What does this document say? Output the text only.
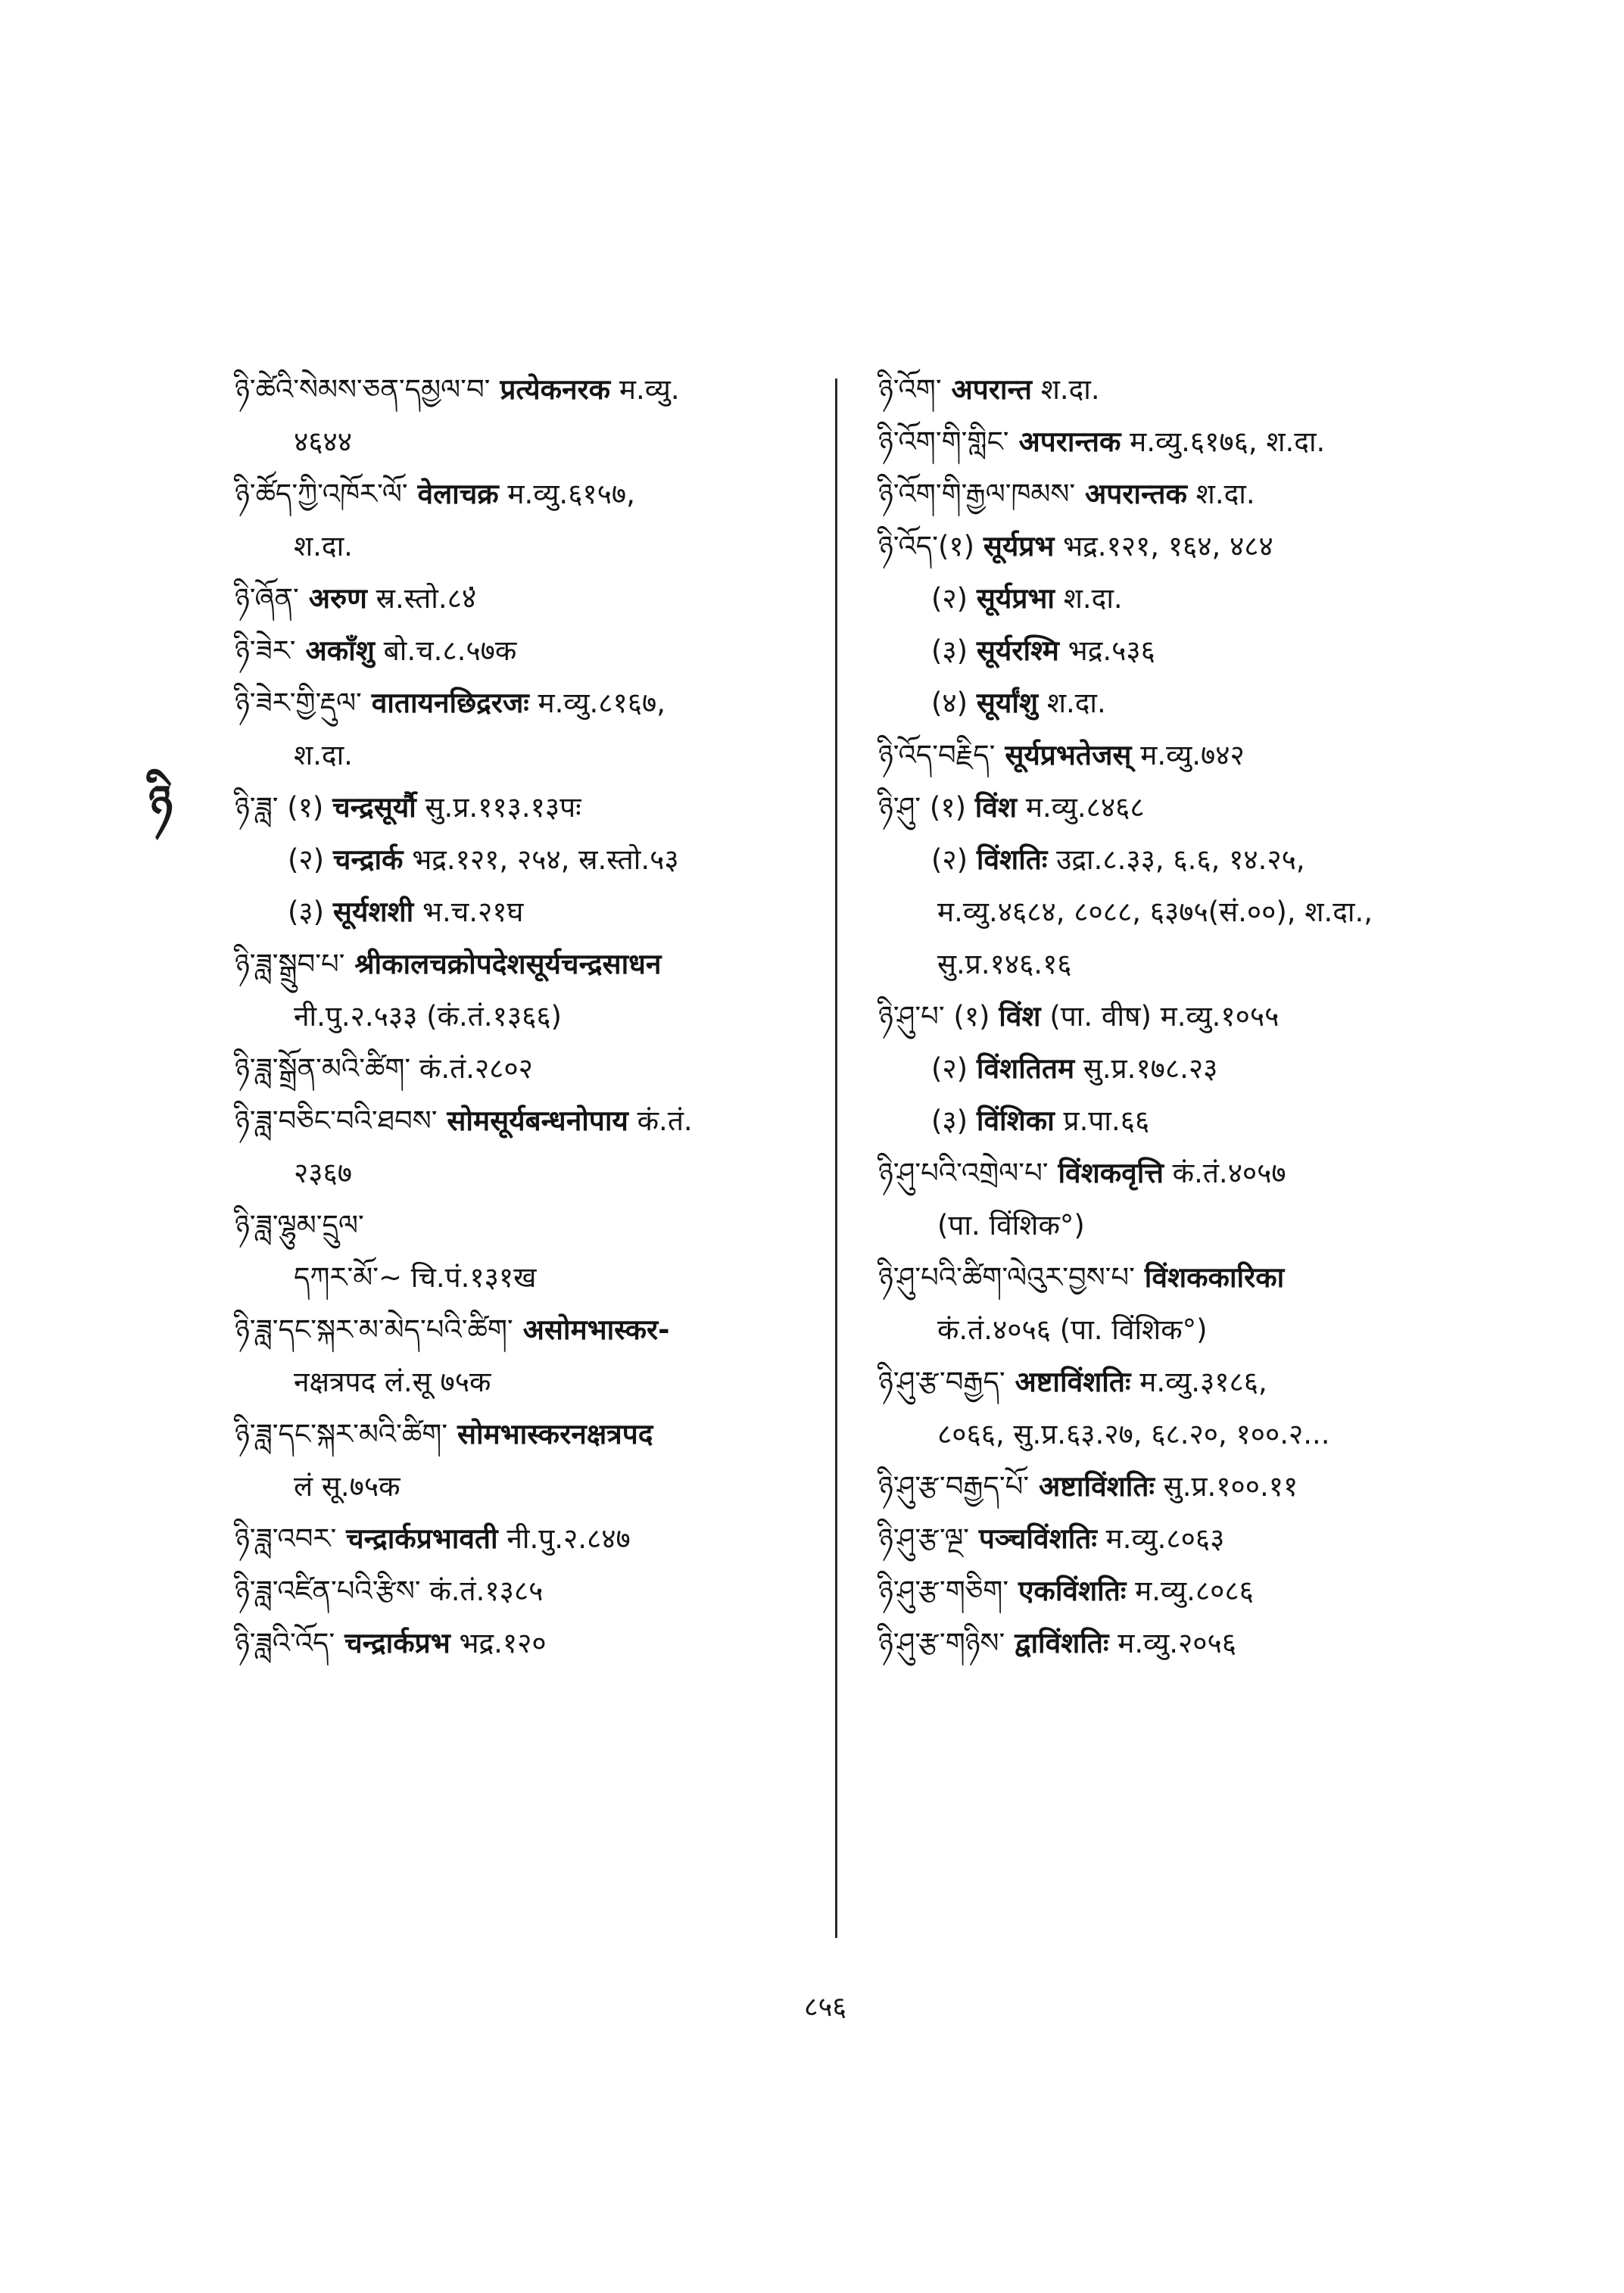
ཉི
ཉི་ཚེའི་སེམས་ཅན་དམྱལ་བ་ प्रत्येकनरक म.व्यु.
४६४४
ཉི་ཚོད་ཀྱི་འཁོར་ལོ་ वेलाचक्र म.व्यु.६१५७,
श.दा.
ཉི་ཞོན་ अरुण स्र.स्तो.८४
ཉི་ཟེར་ अकाँशु बो.च.८.५७क
ཉི་ཟེར་གྱི་རྡུལ་ वातायनछिद्ररजः म.व्यु.८१६७,
श.दा.
ཉི་ཟླ་ (१) चन्द्रसूर्यौ सु.प्र.११३.१३पः
(२) चन्द्रार्क भद्र.१२१, २५४, स्र.स्तो.५३
(३) सूर्यशशी भ.च.२१घ
ཉི་ཟླ་སྒྲུབ་པ་ श्रीकालचक्रोपदेशसूर्यचन्द्रसाधन
नी.पु.२.५३३ (कं.तं.१३६६)
ཉི་ཟླ་སྒྲོན་མའི་ཚིག་ कं.तं.२८०२
ཉི་ཟླ་བཅིང་བའི་ཐབས་ सोमसूर्यबन्धनोपाय कं.तं.
२३६७
ཉི་ཟླ་ལྷུམ་དྲུལ་
དཀར་མོ་~ चि.पं.१३१ख
ཉི་ཟླ་དང་སྐར་མ་མེད་པའི་ཚིག་ असोमभास्कर-
नक्षत्रपद लं.सू ७५क
ཉི་ཟླ་དང་སྐར་མའི་ཚིག་ सोमभास्करनक्षत्रपद
लं सू.७५क
ཉི་ཟླ་འབར་ चन्द्रार्कप्रभावती नी.पु.२.८४७
ཉི་ཟླ་འཛིན་པའི་རྩིས་ कं.तं.१३८५
ཉི་ཟླའི་འོད་ चन्द्रार्कप्रभ भद्र.१२०
ཉི་འོག་ अपरान्त श.दा.
ཉི་འོག་གི་གླིང་ अपरान्तक म.व्यु.६१७६, श.दा.
ཉི་འོག་གི་རྒྱལ་ཁམས་ अपरान्तक श.दा.
ཉི་འོད་(१) सूर्यप्रभ भद्र.१२१, १६४, ४८४
(२) सूर्यप्रभा श.दा.
(३) सूर्यरश्मि भद्र.५३६
(४) सूर्यांशु श.दा.
ཉི་འོད་བརྗིད་ सूर्यप्रभतेजस् म.व्यु.७४२
ཉི་ཤུ་ (१) विंश म.व्यु.८४६८
(२) विंशतिः उद्रा.८.३३, ६.६, १४.२५,
म.व्यु.४६८४, ८०८८, ६३७५(सं.००), श.दा.,
सु.प्र.१४६.१६
ཉི་ཤུ་པ་ (१) विंश (पा. वीष) म.व्यु.१०५५
(२) विंशतितम सु.प्र.१७८.२३
(३) विंशिका प्र.पा.६६
ཉི་ཤུ་པའི་འགྲེལ་པ་ विंशकवृत्ति कं.तं.४०५७
(पा. विंशिक°)
ཉི་ཤུ་པའི་ཚིག་ལེའུར་བྱས་པ་ विंशककारिका
कं.तं.४०५६ (पा. विंशिक°)
ཉི་ཤུ་རྩ་བརྒྱད་ अष्टाविंशतिः म.व्यु.३१८६,
८०६६, सु.प्र.६३.२७, ६८.२०, १००.२...
ཉི་ཤུ་རྩ་བརྒྱད་པོ་ अष्टाविंशतिः सु.प्र.१००.११
ཉི་ཤུ་རྩ་ལྔ་ पञ्चविंशतिः म.व्यु.८०६३
ཉི་ཤུ་རྩ་གཅིག་ एकविंशतिः म.व्यु.८०८६
ཉི་ཤུ་རྩ་གཉིས་ द्वाविंशतिः म.व्यु.२०५६
८५६
